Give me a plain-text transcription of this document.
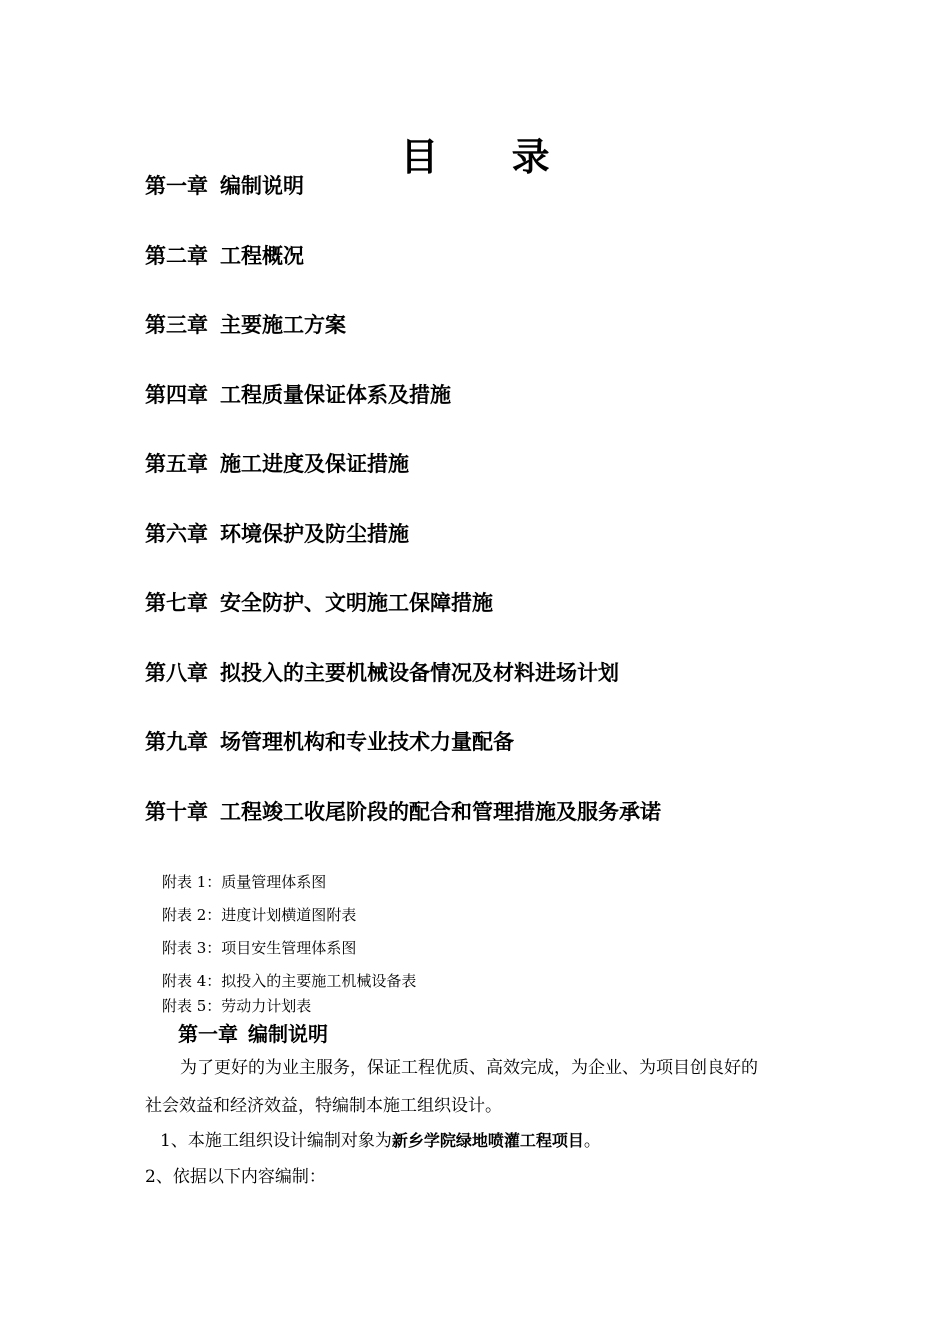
目 录
第一章 编制说明
第二章 工程概况
第三章 主要施工方案
第四章 工程质量保证体系及措施
第五章 施工进度及保证措施
第六章 环境保护及防尘措施
第七章 安全防护、文明施工保障措施
第八章 拟投入的主要机械设备情况及材料进场计划
第九章 场管理机构和专业技术力量配备
第十章 工程竣工收尾阶段的配合和管理措施及服务承诺
附表 1：质量管理体系图
附表 2：进度计划横道图附表
附表 3：项目安生管理体系图
附表 4：拟投入的主要施工机械设备表
附表 5：劳动力计划表
第一章 编制说明
为了更好的为业主服务，保证工程优质、高效完成，为企业、为项目创良好的
社会效益和经济效益，特编制本施工组织设计。
1、本施工组织设计编制对象为新乡学院绿地喷灌工程项目。
2、依据以下内容编制：
